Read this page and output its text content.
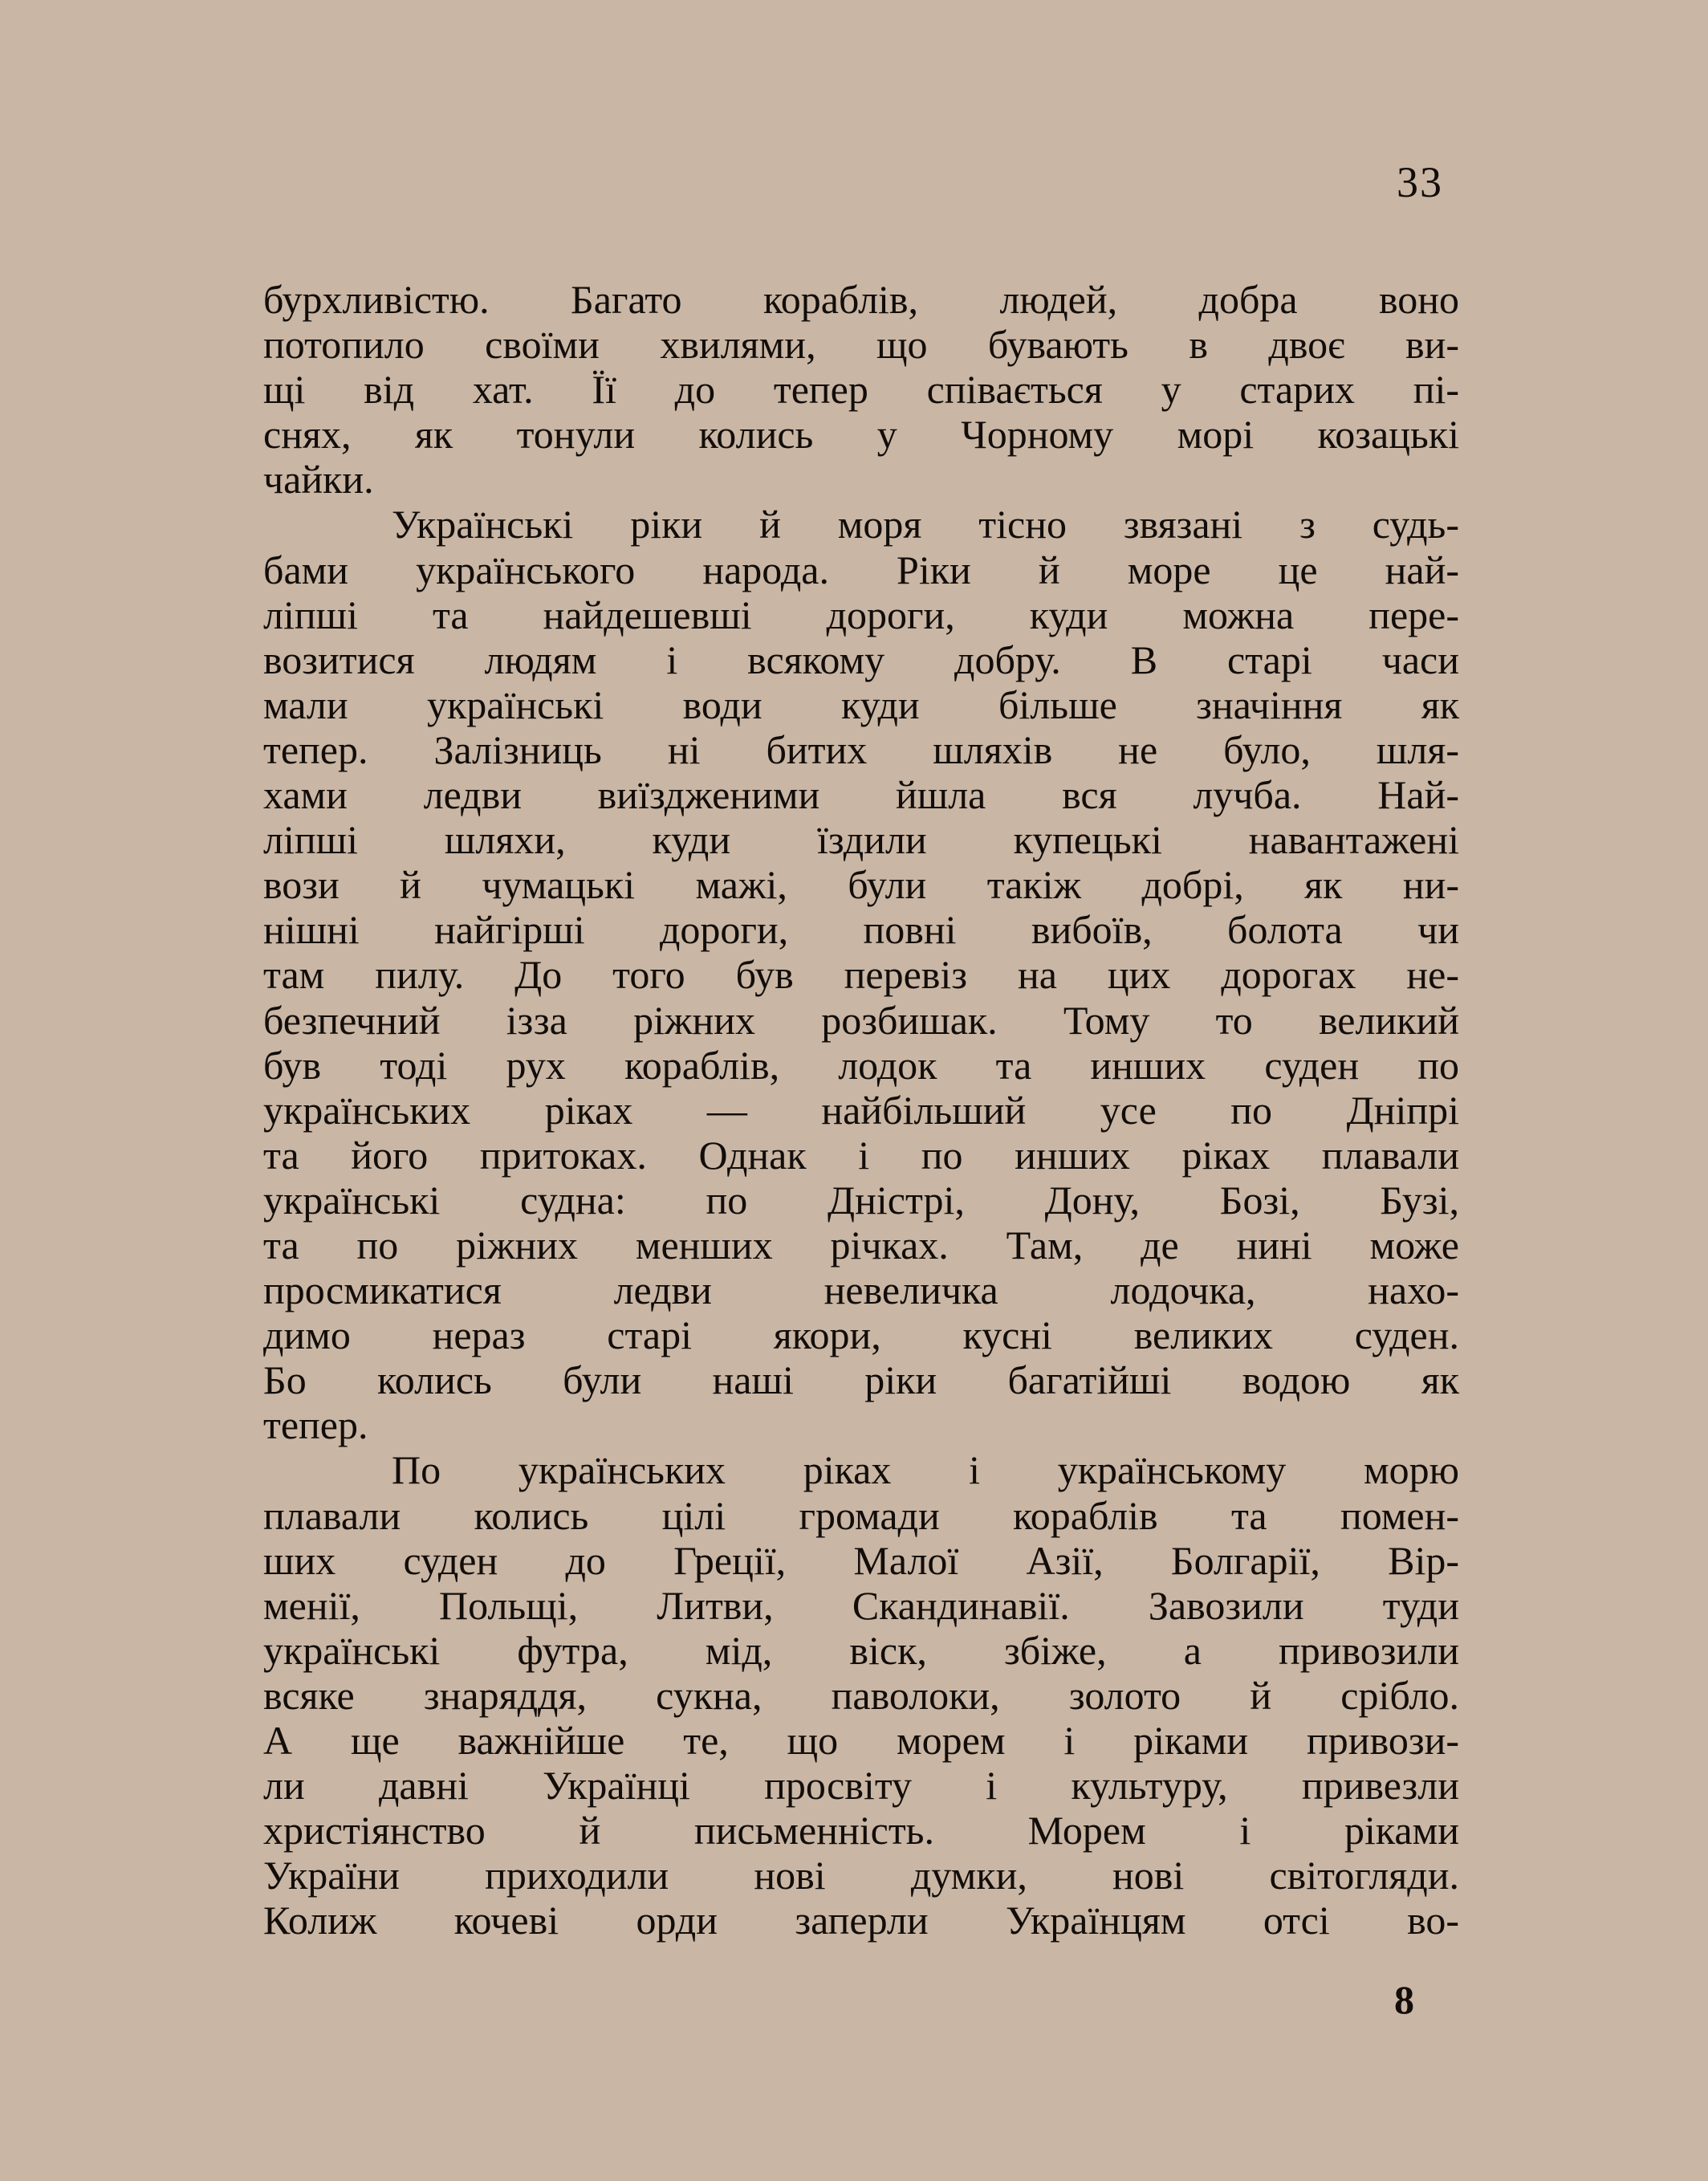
33
бурхливістю. Багато кораблів, людей, добра воно
потопило своїми хвилями, що бувають в двоє ви-
щі від хат. Її до тепер співається у старих пі-
снях, як тонули колись у Чорному морі козацькі
чайки.
Українські ріки й моря тісно звязані з судь-
бами українського народа. Ріки й море це най-
ліпші та найдешевші дороги, куди можна пере-
возитися людям і всякому добру. В старі часи
мали українські води куди більше значіння як
тепер. Залізниць ні битих шляхів не було, шля-
хами ледви виїздженими йшла вся лучба. Най-
ліпші шляхи, куди їздили купецькі навантажені
вози й чумацькі мажі, були такіж добрі, як ни-
нішні найгірші дороги, повні вибоїв, болота чи
там пилу. До того був перевіз на цих дорогах не-
безпечний ізза ріжних розбишак. Тому то великий
був тоді рух кораблів, лодок та инших суден по
українських ріках — найбільший усе по Дніпрі
та його притоках. Однак і по инших ріках плавали
українські судна: по Дністрі, Дону, Бозі, Бузі,
та по ріжних менших річках. Там, де нині може
просмикатися ледви невеличка лодочка, нахо-
димо нераз старі якори, кусні великих суден.
Бо колись були наші ріки багатійші водою як
тепер.
По українських ріках і українському морю
плавали колись цілі громади кораблів та помен-
ших суден до Греції, Малої Азії, Болгарії, Вір-
менії, Польщі, Литви, Скандинавії. Завозили туди
українські футра, мід, віск, збіже, а привозили
всяке знаряддя, сукна, паволоки, золото й срібло.
А ще важнійше те, що морем і ріками привози-
ли давні Українці просвіту і культуру, привезли
христіянство й письменність. Морем і ріками
України приходили нові думки, нові світогляди.
Колиж кочеві орди заперли Українцям отсі во-
8
